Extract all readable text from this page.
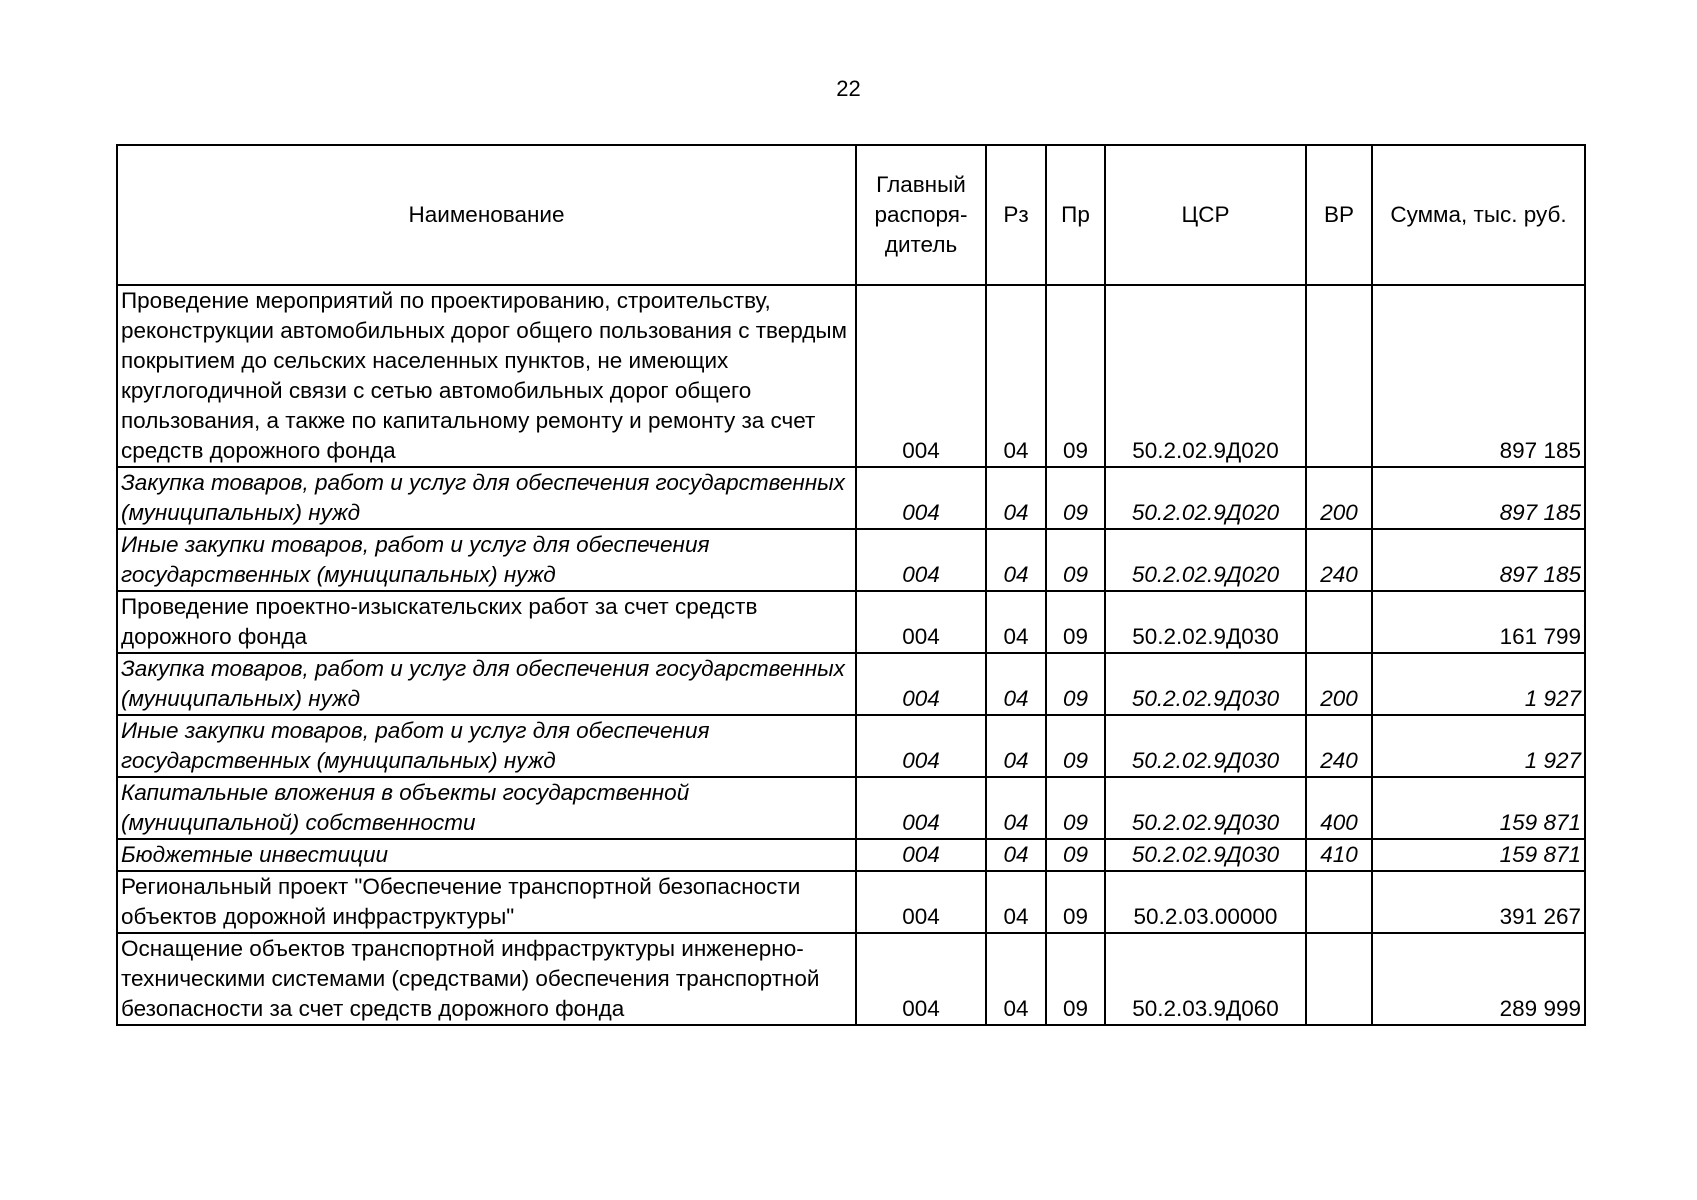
22
Наименование	Главный распоря-дитель	Рз	Пр	ЦСР	ВР	Сумма, тыс. руб.
Проведение мероприятий по проектированию, строительству, реконструкции автомобильных дорог общего пользования с твердым покрытием до сельских населенных пунктов, не имеющих круглогодичной связи с сетью автомобильных дорог общего пользования, а также по капитальному ремонту и ремонту за счет средств дорожного фонда	004	04	09	50.2.02.9Д020		897 185
Закупка товаров, работ и услуг для обеспечения государственных (муниципальных) нужд	004	04	09	50.2.02.9Д020	200	897 185
Иные закупки товаров, работ и услуг для обеспечения государственных (муниципальных) нужд	004	04	09	50.2.02.9Д020	240	897 185
Проведение проектно-изыскательских работ за счет средств дорожного фонда	004	04	09	50.2.02.9Д030		161 799
Закупка товаров, работ и услуг для обеспечения государственных (муниципальных) нужд	004	04	09	50.2.02.9Д030	200	1 927
Иные закупки товаров, работ и услуг для обеспечения государственных (муниципальных) нужд	004	04	09	50.2.02.9Д030	240	1 927
Капитальные вложения в объекты государственной (муниципальной) собственности	004	04	09	50.2.02.9Д030	400	159 871
Бюджетные инвестиции	004	04	09	50.2.02.9Д030	410	159 871
Региональный проект "Обеспечение транспортной безопасности объектов дорожной инфраструктуры"	004	04	09	50.2.03.00000		391 267
Оснащение объектов транспортной инфраструктуры инженерно-техническими системами (средствами) обеспечения транспортной безопасности за счет средств дорожного фонда	004	04	09	50.2.03.9Д060		289 999
